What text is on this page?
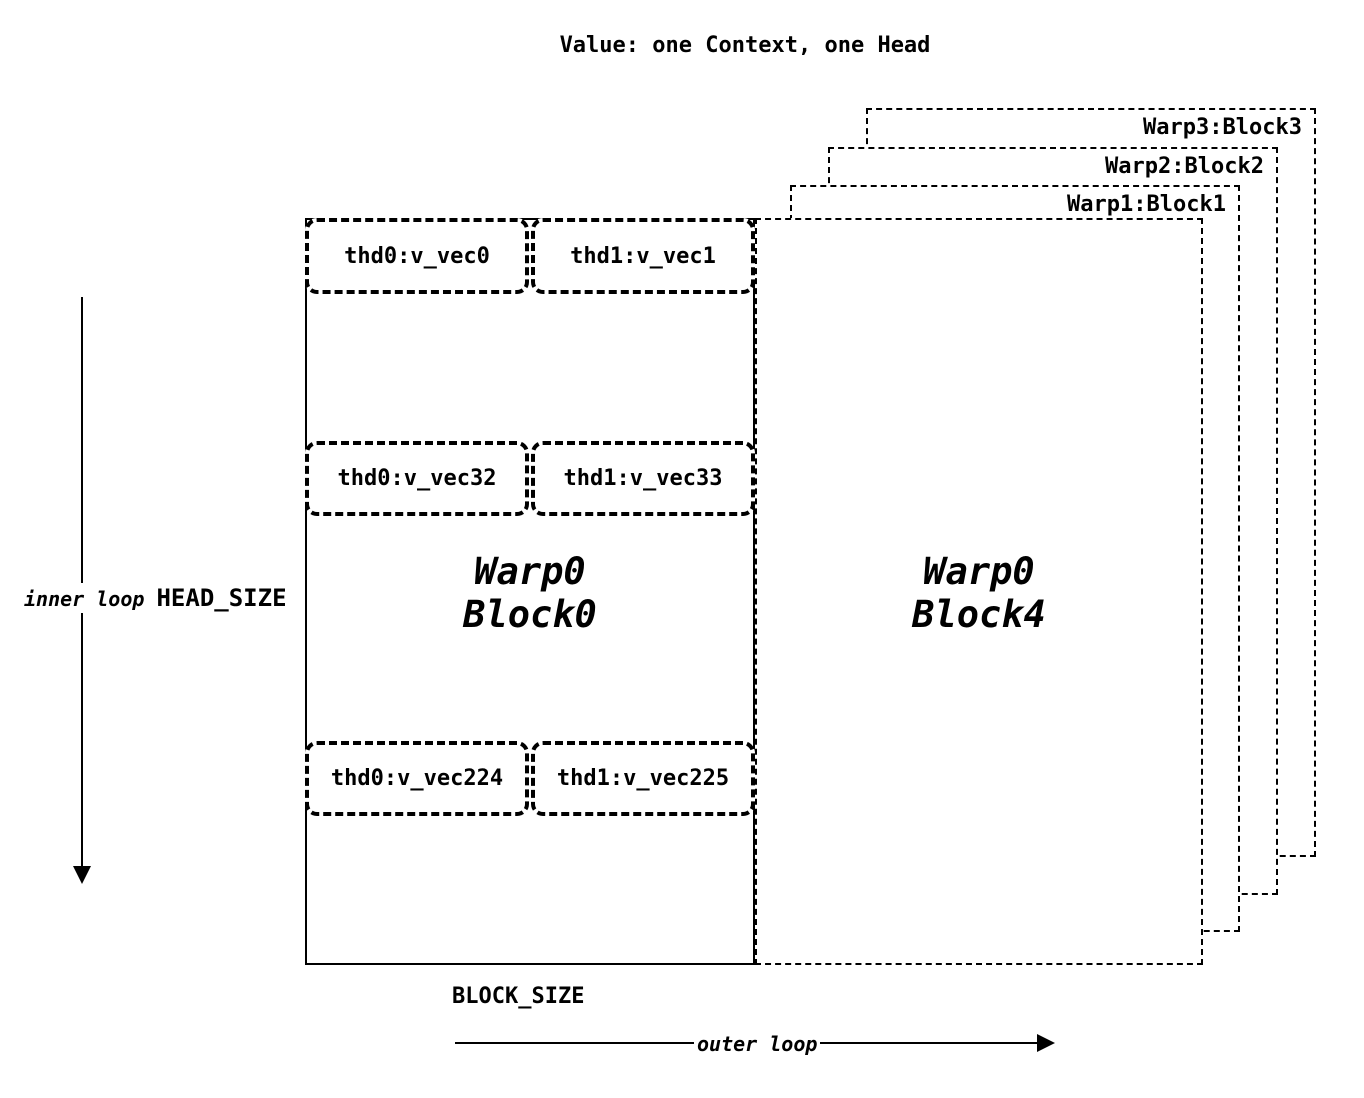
Value: one Context, one Head
Warp3:Block3
Warp2:Block2
Warp1:Block1
Warp0
Block4
Warp0
Block0
thd0:v_vec0	thd1:v_vec1
thd0:v_vec32	thd1:v_vec33
thd0:v_vec224 thd1:v_vec225
inner loop HEAD_SIZE
BLOCK_SIZE
outer loop
